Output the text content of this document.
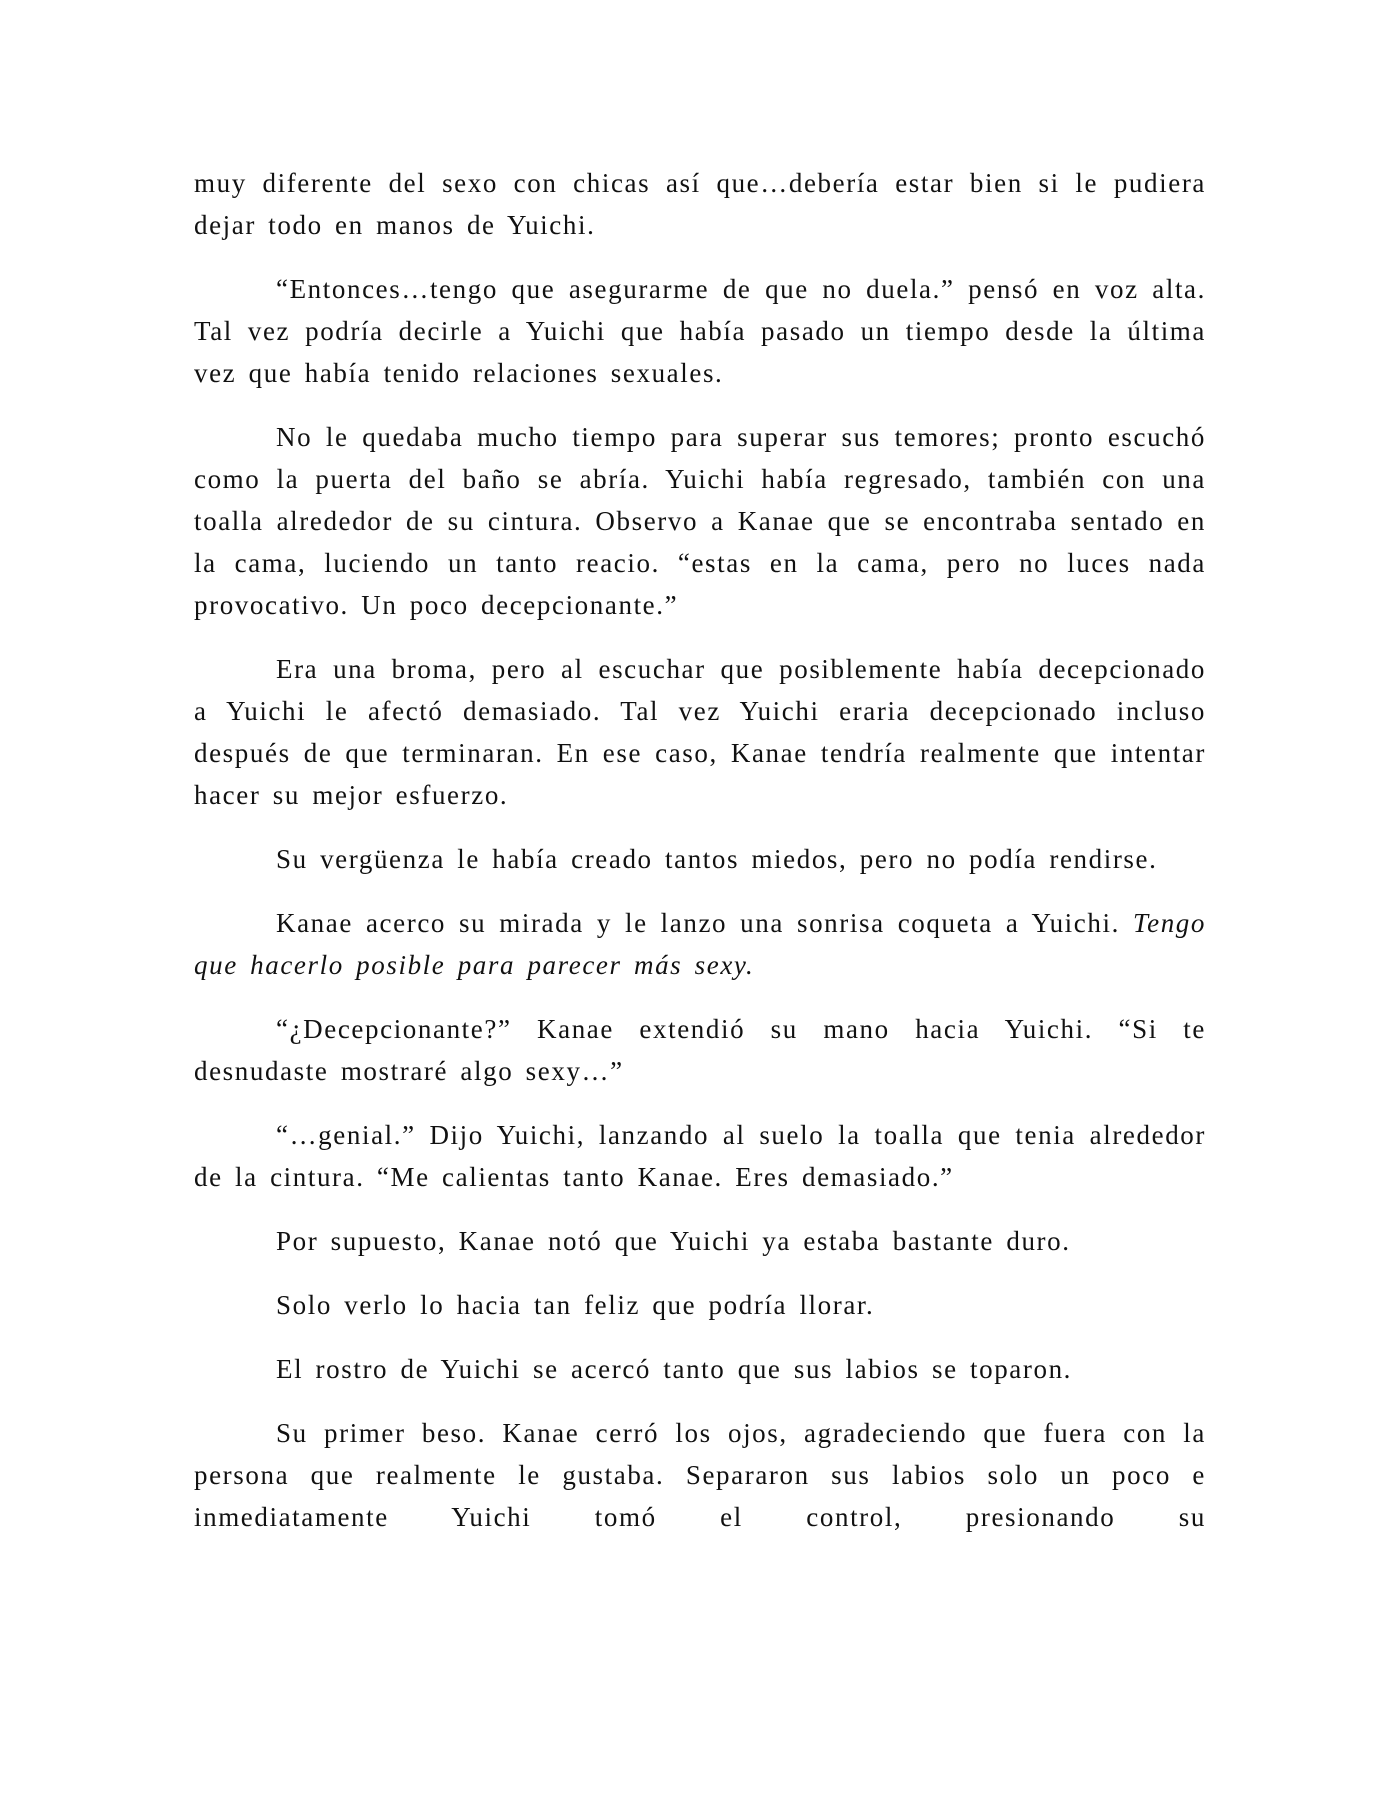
muy diferente del sexo con chicas así que…debería estar bien si le pudiera dejar todo en manos de Yuichi.

“Entonces…tengo que asegurarme de que no duela.” pensó en voz alta. Tal vez podría decirle a Yuichi que había pasado un tiempo desde la última vez que había tenido relaciones sexuales.

No le quedaba mucho tiempo para superar sus temores; pronto escuchó como la puerta del baño se abría. Yuichi había regresado, también con una toalla alrededor de su cintura. Observo a Kanae que se encontraba sentado en la cama, luciendo un tanto reacio. “estas en la cama, pero no luces nada provocativo. Un poco decepcionante.”

Era una broma, pero al escuchar que posiblemente había decepcionado a Yuichi le afectó demasiado. Tal vez Yuichi eraria decepcionado incluso después de que terminaran. En ese caso, Kanae tendría realmente que intentar hacer su mejor esfuerzo.

Su vergüenza le había creado tantos miedos, pero no podía rendirse.

Kanae acerco su mirada y le lanzo una sonrisa coqueta a Yuichi. Tengo que hacerlo posible para parecer más sexy.

“¿Decepcionante?” Kanae extendió su mano hacia Yuichi. “Si te desnudaste mostraré algo sexy…”

“…genial.” Dijo Yuichi, lanzando al suelo la toalla que tenia alrededor de la cintura. “Me calientas tanto Kanae. Eres demasiado.”

Por supuesto, Kanae notó que Yuichi ya estaba bastante duro.

Solo verlo lo hacia tan feliz que podría llorar.

El rostro de Yuichi se acercó tanto que sus labios se toparon.

Su primer beso. Kanae cerró los ojos, agradeciendo que fuera con la persona que realmente le gustaba. Separaron sus labios solo un poco e inmediatamente Yuichi tomó el control, presionando su
